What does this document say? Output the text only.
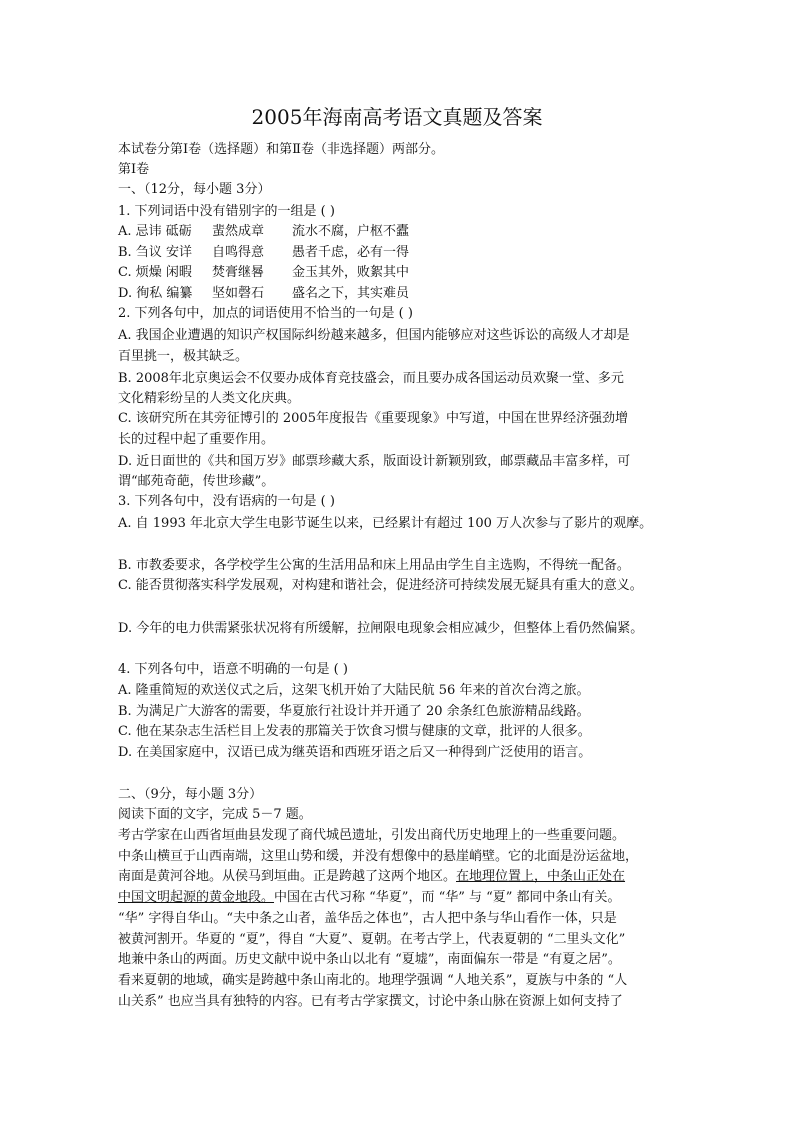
2005年海南高考语文真题及答案
本试卷分第Ⅰ卷（选择题）和第Ⅱ卷（非选择题）两部分。
第Ⅰ卷
一、（12分，每小题 3分）
1. 下列词语中没有错别字的一组是 ( )
A. 忌讳 砥砺 蜚然成章 流水不腐，户枢不蠹
B. 刍议 安详 自鸣得意 愚者千虑，必有一得
C. 烦燥 闲暇 焚膏继晷 金玉其外，败絮其中
D. 徇私 编纂 坚如磬石 盛名之下，其实难员
2. 下列各句中，加点的词语使用不恰当的一句是 ( )
A. 我国企业遭遇的知识产权国际纠纷越来越多，但国内能够应对这些诉讼的高级人才却是
百里挑一，极其缺乏。
B. 2008年北京奥运会不仅要办成体育竞技盛会，而且要办成各国运动员欢聚一堂、多元
文化精彩纷呈的人类文化庆典。
C. 该研究所在其旁征博引的 2005年度报告《重要现象》中写道，中国在世界经济强劲增
长的过程中起了重要作用。
D. 近日面世的《共和国万岁》邮票珍藏大系，版面设计新颖别致，邮票藏品丰富多样，可
谓“邮苑奇葩，传世珍藏”。
3. 下列各句中，没有语病的一句是 ( )
A. 自 1993 年北京大学生电影节诞生以来，已经累计有超过 100 万人次参与了影片的观摩。
B. 市教委要求，各学校学生公寓的生活用品和床上用品由学生自主选购，不得统一配备。
C. 能否贯彻落实科学发展观，对构建和谐社会，促进经济可持续发展无疑具有重大的意义。
D. 今年的电力供需紧张状况将有所缓解，拉闸限电现象会相应减少，但整体上看仍然偏紧。
4. 下列各句中，语意不明确的一句是 ( )
A. 隆重简短的欢送仪式之后，这架飞机开始了大陆民航 56 年来的首次台湾之旅。
B. 为满足广大游客的需要，华夏旅行社设计并开通了 20 余条红色旅游精品线路。
C. 他在某杂志生活栏目上发表的那篇关于饮食习惯与健康的文章，批评的人很多。
D. 在美国家庭中，汉语已成为继英语和西班牙语之后又一种得到广泛使用的语言。
二、（9分，每小题 3分）
阅读下面的文字，完成 5－7 题。
考古学家在山西省垣曲县发现了商代城邑遗址，引发出商代历史地理上的一些重要问题。
中条山横亘于山西南端，这里山势和缓，并没有想像中的悬崖峭壁。它的北面是汾运盆地，
南面是黄河谷地。从侯马到垣曲。正是跨越了这两个地区。在地理位置上，中条山正处在
中国文明起源的黄金地段。中国在古代习称 “华夏”，而 “华” 与 “夏” 都同中条山有关。
“华” 字得自华山。“夫中条之山者，盖华岳之体也”，古人把中条与华山看作一体，只是
被黄河割开。华夏的 “夏”，得自 “大夏”、夏朝。在考古学上，代表夏朝的 “二里头文化”
地兼中条山的两面。历史文献中说中条山以北有 “夏墟”，南面偏东一带是 “有夏之居”。
看来夏朝的地域，确实是跨越中条山南北的。地理学强调 “人地关系”，夏族与中条的 “人
山关系” 也应当具有独特的内容。已有考古学家撰文，讨论中条山脉在资源上如何支持了
